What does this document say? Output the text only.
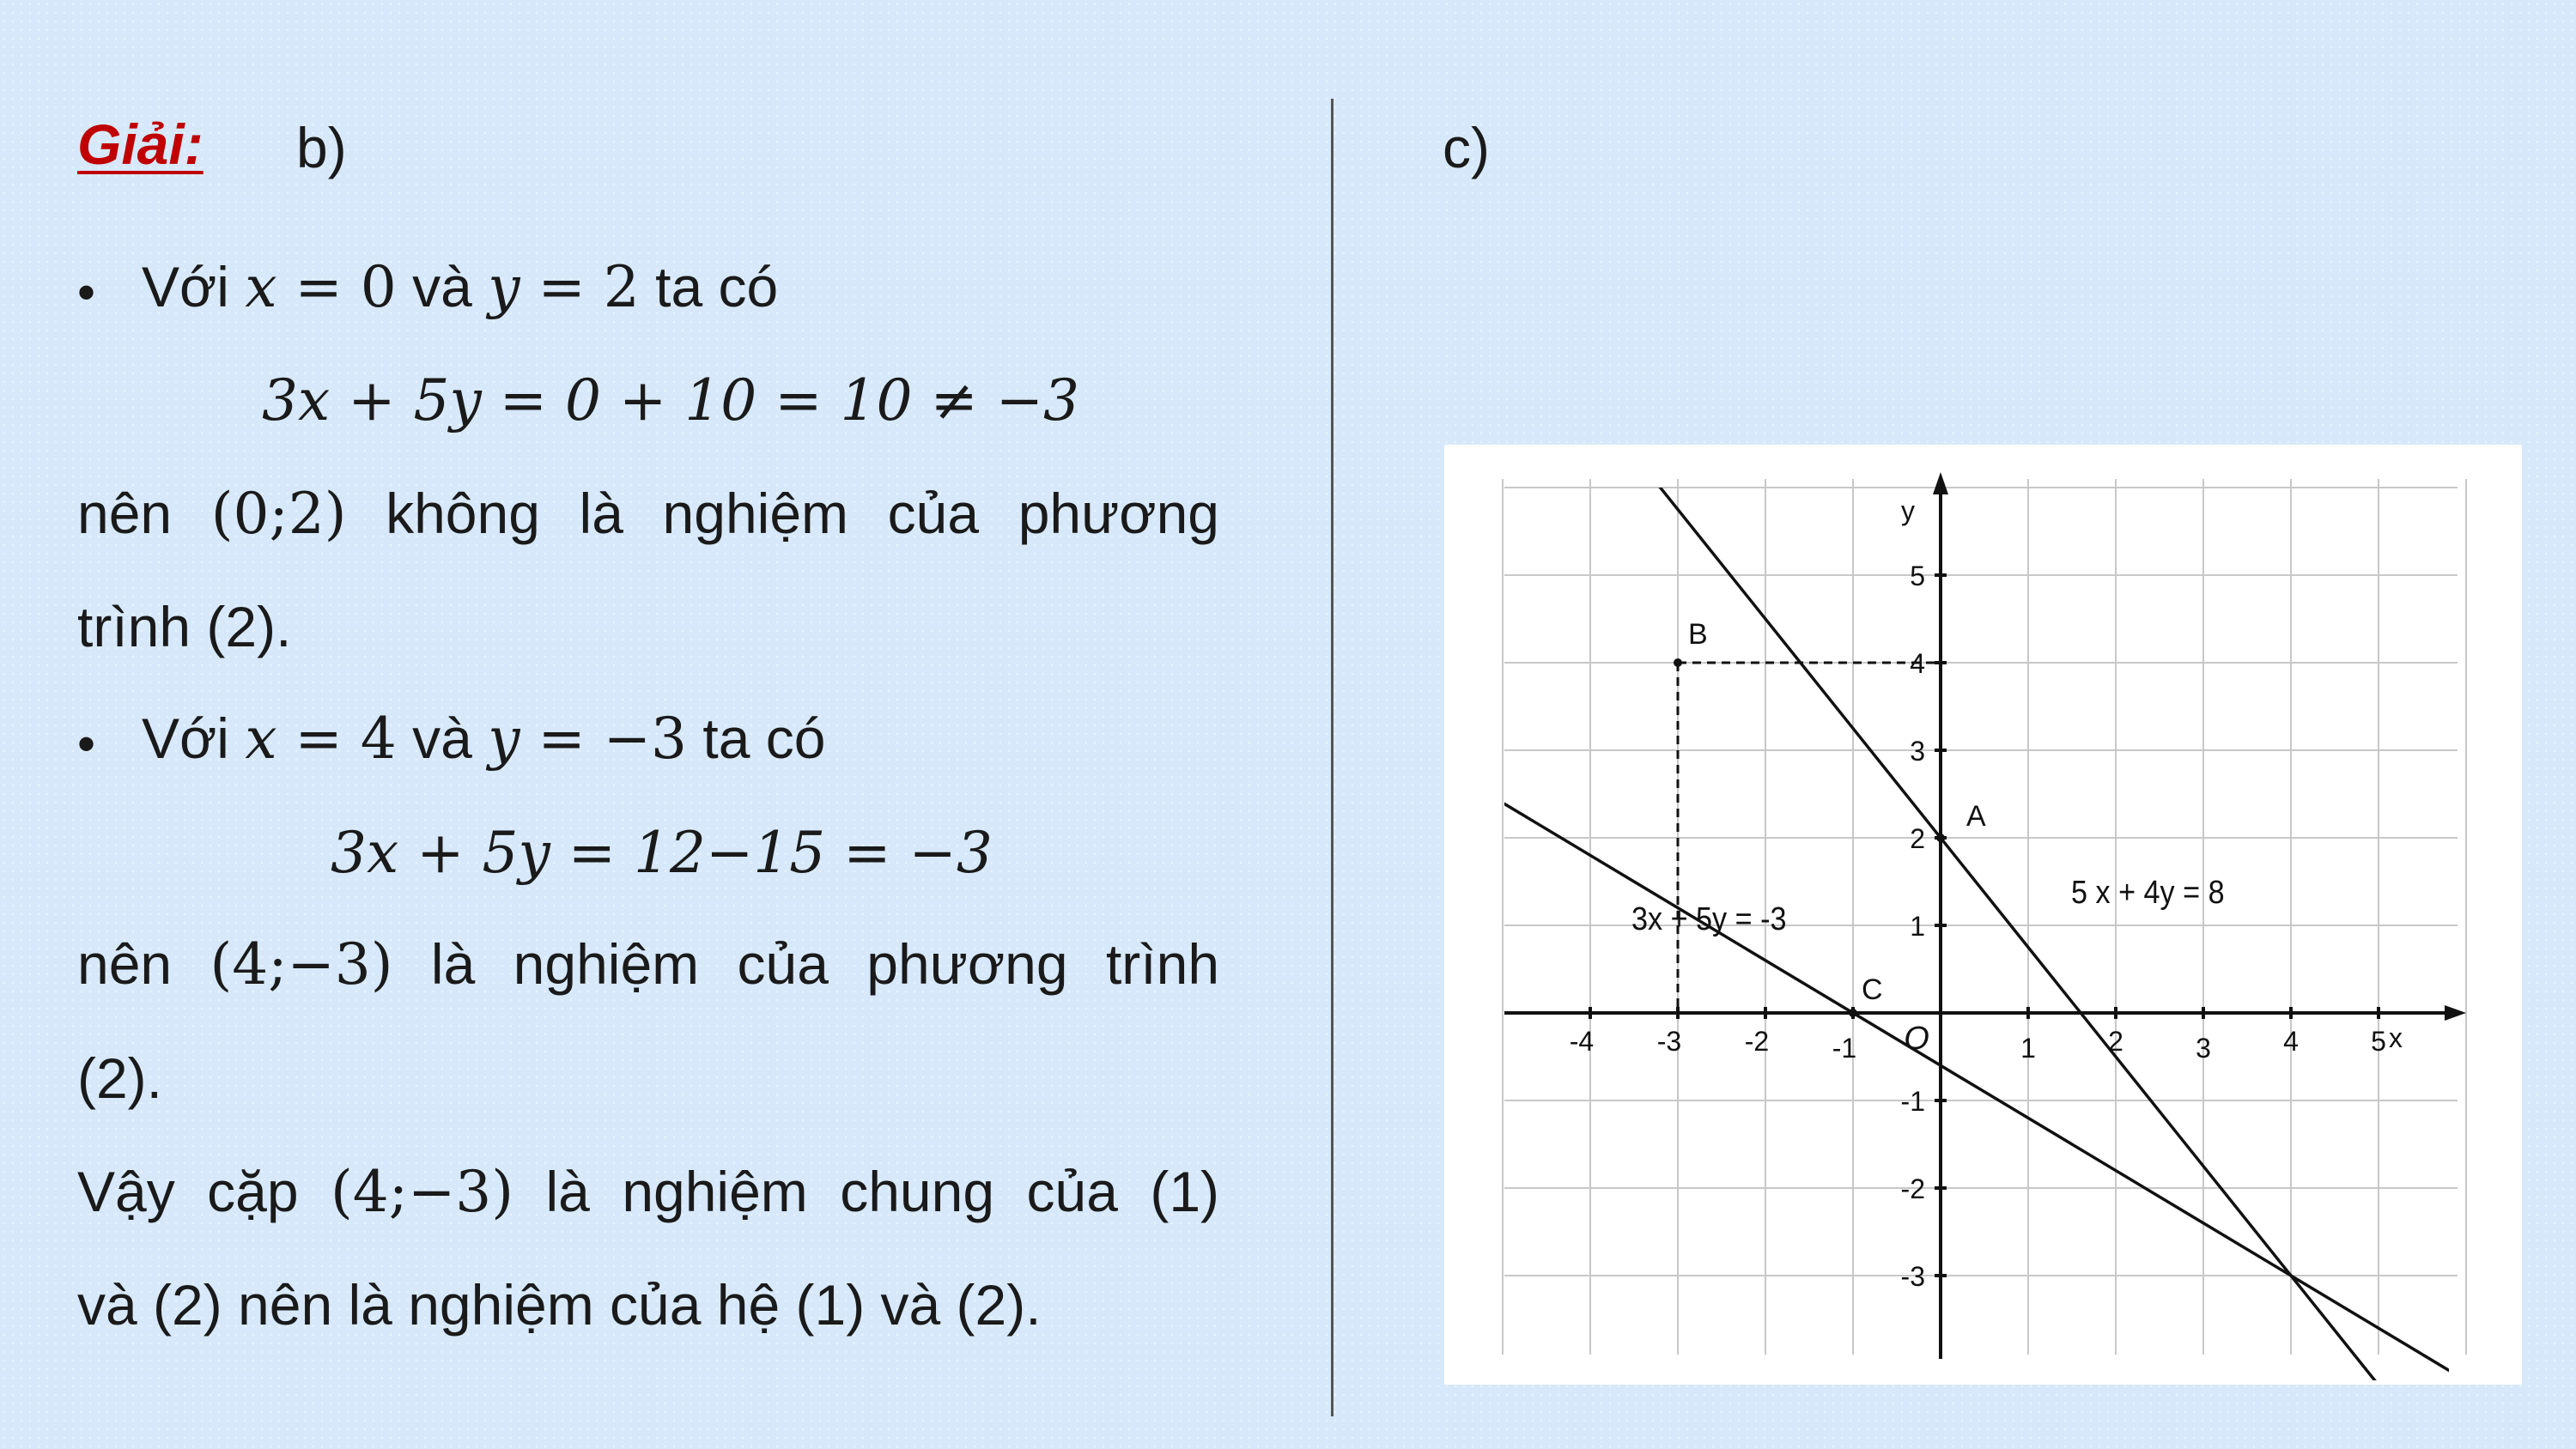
Giải: b)	c)
• Với x = 0 và y = 2 ta có
3x + 5y = 0 + 10 = 10 ≠ −3
nên (0;2) không là nghiệm của phương
trình (2).
• Với x = 4 và y = −3 ta có
3x + 5y = 12−15 = −3
nên (4;−3) là nghiệm của phương trình
(2).
Vậy cặp (4;−3) là nghiệm chung của (1)
và (2) nên là nghiệm của hệ (1) và (2).
-4 -3 -2 -1	1	2	3	4	5
5
4
3
2
1
-1
-2
-3
x
y
O
A
B
C
5 x + 4y = 8
3x + 5y = -3
